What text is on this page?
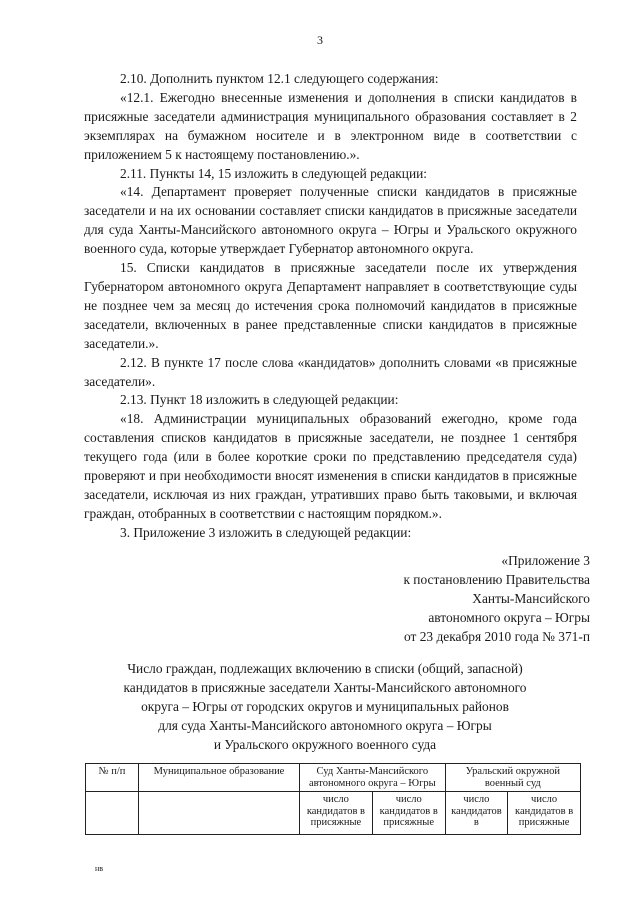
3

2.10. Дополнить пунктом 12.1 следующего содержания:

«12.1. Ежегодно внесенные изменения и дополнения в списки кандидатов в присяжные заседатели администрация муниципального образования составляет в 2 экземплярах на бумажном носителе и в электронном виде в соответствии с приложением 5 к настоящему постановлению.».

2.11. Пункты 14, 15 изложить в следующей редакции:

«14. Департамент проверяет полученные списки кандидатов в присяжные заседатели и на их основании составляет списки кандидатов в присяжные заседатели для суда Ханты-Мансийского автономного округа – Югры и Уральского окружного военного суда, которые утверждает Губернатор автономного округа.

15. Списки кандидатов в присяжные заседатели после их утверждения Губернатором автономного округа Департамент направляет в соответствующие суды не позднее чем за месяц до истечения срока полномочий кандидатов в присяжные заседатели, включенных в ранее представленные списки кандидатов в присяжные заседатели.».

2.12. В пункте 17 после слова «кандидатов» дополнить словами «в присяжные заседатели».

2.13. Пункт 18 изложить в следующей редакции:

«18. Администрации муниципальных образований ежегодно, кроме года составления списков кандидатов в присяжные заседатели, не позднее 1 сентября текущего года (или в более короткие сроки по представлению председателя суда) проверяют и при необходимости вносят изменения в списки кандидатов в присяжные заседатели, исключая из них граждан, утративших право быть таковыми, и включая граждан, отобранных в соответствии с настоящим порядком.».

3. Приложение 3 изложить в следующей редакции:

«Приложение 3
к постановлению Правительства
Ханты-Мансийского
автономного округа – Югры
от 23 декабря 2010 года № 371-п
Число граждан, подлежащих включению в списки (общий, запасной)
кандидатов в присяжные заседатели Ханты-Мансийского автономного
округа – Югры от городских округов и муниципальных районов
для суда Ханты-Мансийского автономного округа – Югры
и Уральского окружного военного суда
№ п/п	Муниципальное образование	Суд Ханты-Мансийского автономного округа – Югры		Уральский окружной военный суд	
		число кандидатов в присяжные	число кандидатов в присяжные	число кандидатов в	число кандидатов в присяжные
нв
